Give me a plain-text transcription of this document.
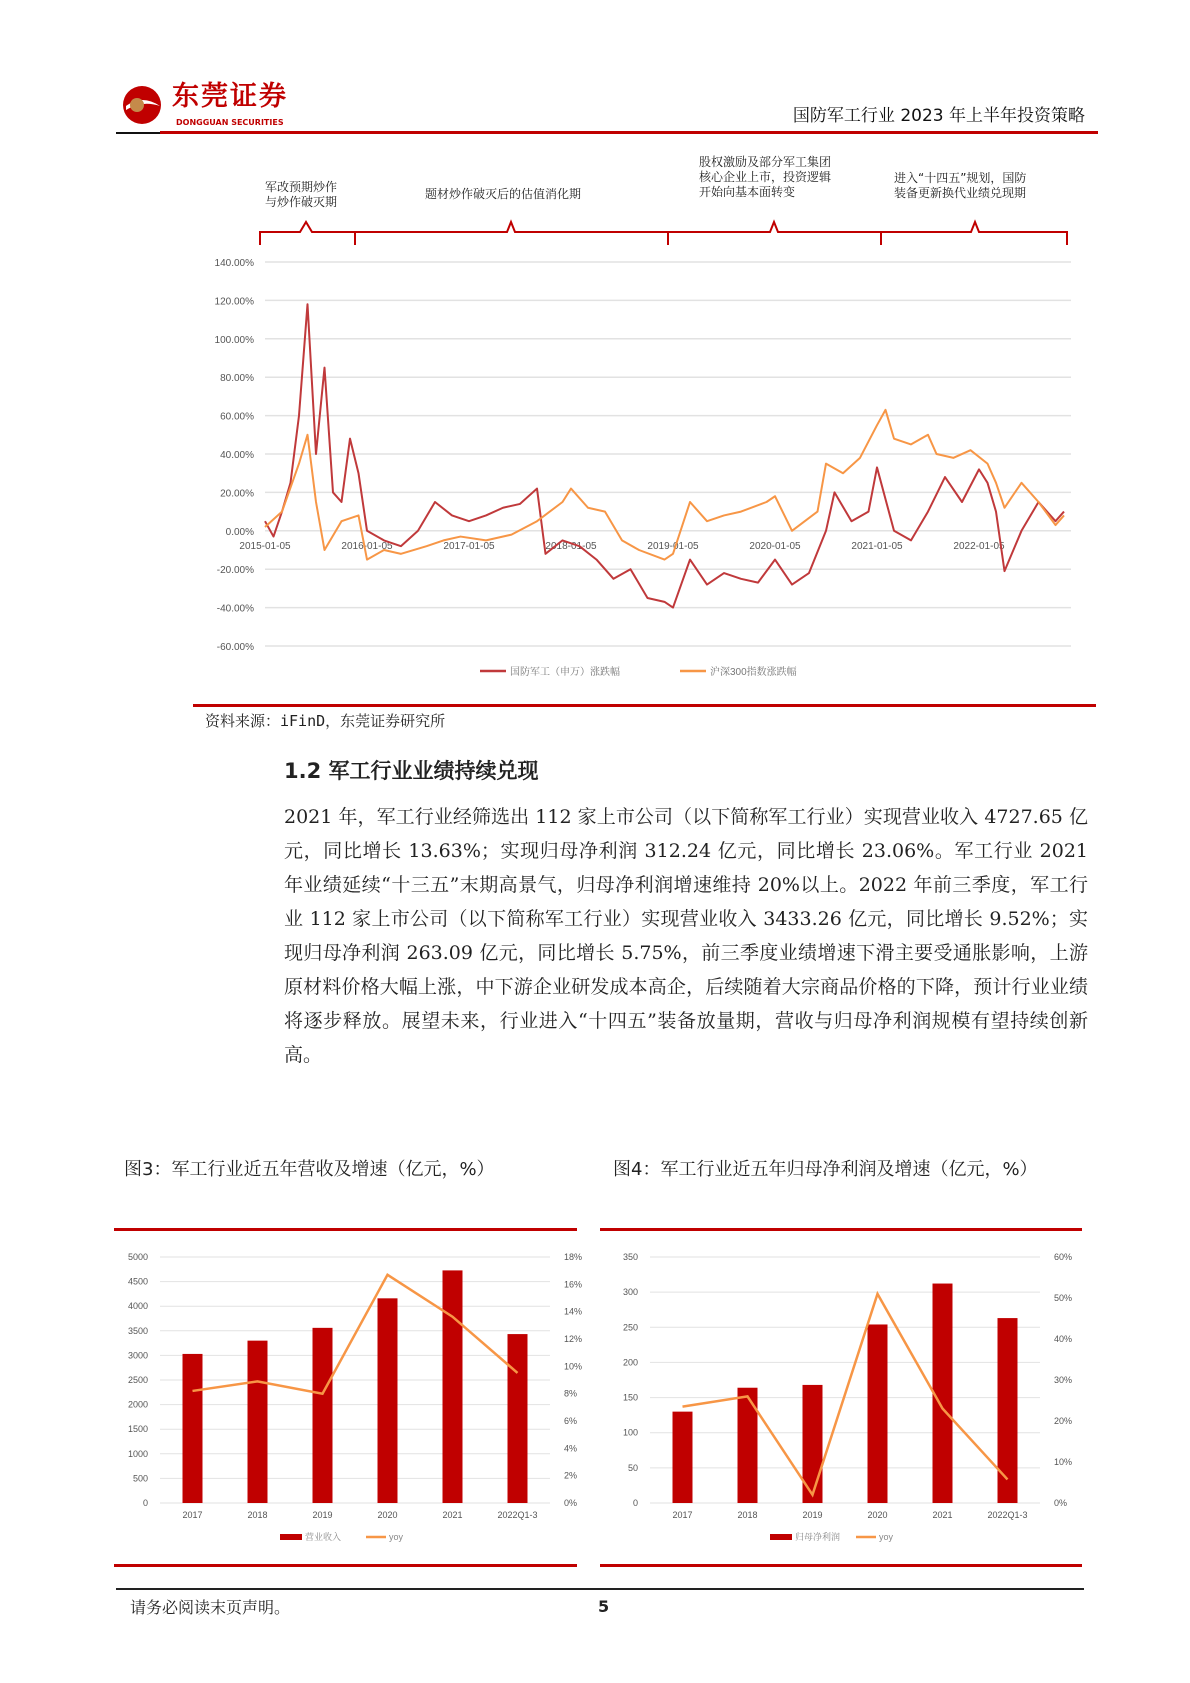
东莞证券
DONGGUAN SECURITIES	国防军工行业 2023 年上半年投资策略
军改预期炒作
与炒作破灭期
题材炒作破灭后的估值消化期
股权激励及部分军工集团
核心企业上市，投资逻辑
开始向基本面转变
进入“十四五”规划，国防
装备更新换代业绩兑现期
140.00%
120.00%
100.00%
80.00%
60.00%
40.00%
20.00%
0.00%
-20.00%
-40.00%
-60.00%
2015-01-05	2016-01-05	2017-01-05	2018-01-05	2019-01-05	2020-01-05	2021-01-05	2022-01-05
国防军工（申万）涨跌幅	沪深300指数涨跌幅
资料来源：iFinD，东莞证券研究所
1.2 军工行业业绩持续兑现
2021 年，军工行业经筛选出 112 家上市公司（以下简称军工行业）实现营业收入 4727.65 亿元，同比增长 13.63%；实现归母净利润 312.24 亿元，同比增长 23.06%。军工行业 2021 年业绩延续“十三五”末期高景气，归母净利润增速维持 20%以上。2022 年前三季度，军工行业 112 家上市公司（以下简称军工行业）实现营业收入 3433.26 亿元，同比增长 9.52%；实现归母净利润 263.09 亿元，同比增长 5.75%，前三季度业绩增速下滑主要受通胀影响，上游原材料价格大幅上涨，中下游企业研发成本高企，后续随着大宗商品价格的下降，预计行业业绩将逐步释放。展望未来，行业进入“十四五”装备放量期，营收与归母净利润规模有望持续创新高。
图3：军工行业近五年营收及增速（亿元，%）	图4：军工行业近五年归母净利润及增速（亿元，%）
0
500
1000
1500
2000
2500
3000
3500
4000
4500
5000
0%
2%
4%
6%
8%
10%
12%
14%
16%
18%
2017	2018	2019	2020	2021	2022Q1-3
营业收入	yoy
0
50
100
150
200
250
300
350
0%
10%
20%
30%
40%
50%
60%
2017	2018	2019	2020	2021	2022Q1-3
归母净利润	yoy
请务必阅读末页声明。	5
